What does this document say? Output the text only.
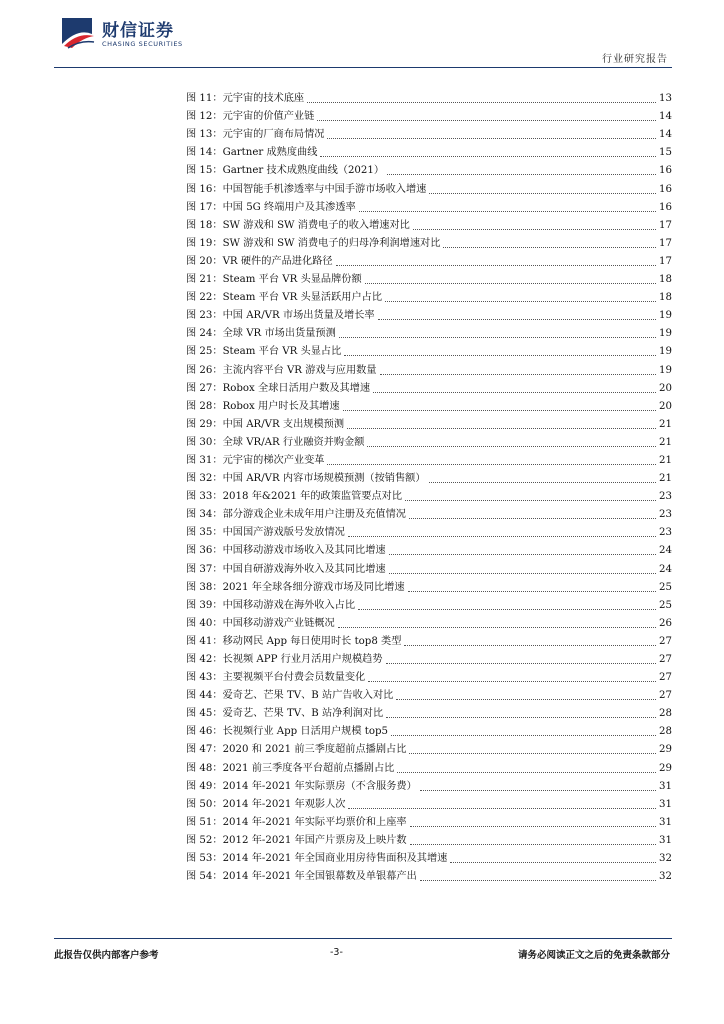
财信证券
CHASING SECURITIES
行业研究报告
图 11： 元宇宙的技术底座	13
图 12： 元宇宙的价值产业链	14
图 13： 元宇宙的厂商布局情况	14
图 14： Gartner 成熟度曲线	15
图 15： Gartner 技术成熟度曲线（2021）	16
图 16： 中国智能手机渗透率与中国手游市场收入增速	16
图 17： 中国 5G 终端用户及其渗透率	16
图 18： SW 游戏和 SW 消费电子的收入增速对比	17
图 19： SW 游戏和 SW 消费电子的归母净利润增速对比	17
图 20： VR 硬件的产品进化路径	17
图 21： Steam 平台 VR 头显品牌份额	18
图 22： Steam 平台 VR 头显活跃用户占比	18
图 23： 中国 AR/VR 市场出货量及增长率	19
图 24： 全球 VR 市场出货量预测	19
图 25： Steam 平台 VR 头显占比	19
图 26： 主流内容平台 VR 游戏与应用数量	19
图 27： Robox 全球日活用户数及其增速	20
图 28： Robox 用户时长及其增速	20
图 29： 中国 AR/VR 支出规模预测	21
图 30： 全球 VR/AR 行业融资并购金额	21
图 31： 元宇宙的梯次产业变革	21
图 32： 中国 AR/VR 内容市场规模预测（按销售额）	21
图 33： 2018 年&2021 年的政策监管要点对比	23
图 34： 部分游戏企业未成年用户注册及充值情况	23
图 35： 中国国产游戏版号发放情况	23
图 36： 中国移动游戏市场收入及其同比增速	24
图 37： 中国自研游戏海外收入及其同比增速	24
图 38： 2021 年全球各细分游戏市场及同比增速	25
图 39： 中国移动游戏在海外收入占比	25
图 40： 中国移动游戏产业链概况	26
图 41： 移动网民 App 每日使用时长 top8 类型	27
图 42： 长视频 APP 行业月活用户规模趋势	27
图 43： 主要视频平台付费会员数量变化	27
图 44： 爱奇艺、芒果 TV、B 站广告收入对比	27
图 45： 爱奇艺、芒果 TV、B 站净利润对比	28
图 46： 长视频行业 App 日活用户规模 top5	28
图 47： 2020 和 2021 前三季度超前点播剧占比	29
图 48： 2021 前三季度各平台超前点播剧占比	29
图 49： 2014 年-2021 年实际票房（不含服务费）	31
图 50： 2014 年-2021 年观影人次	31
图 51： 2014 年-2021 年实际平均票价和上座率	31
图 52： 2012 年-2021 年国产片票房及上映片数	31
图 53： 2014 年-2021 年全国商业用房待售面积及其增速	32
图 54： 2014 年-2021 年全国银幕数及单银幕产出	32
此报告仅供内部客户参考	-3-	请务必阅读正文之后的免责条款部分
